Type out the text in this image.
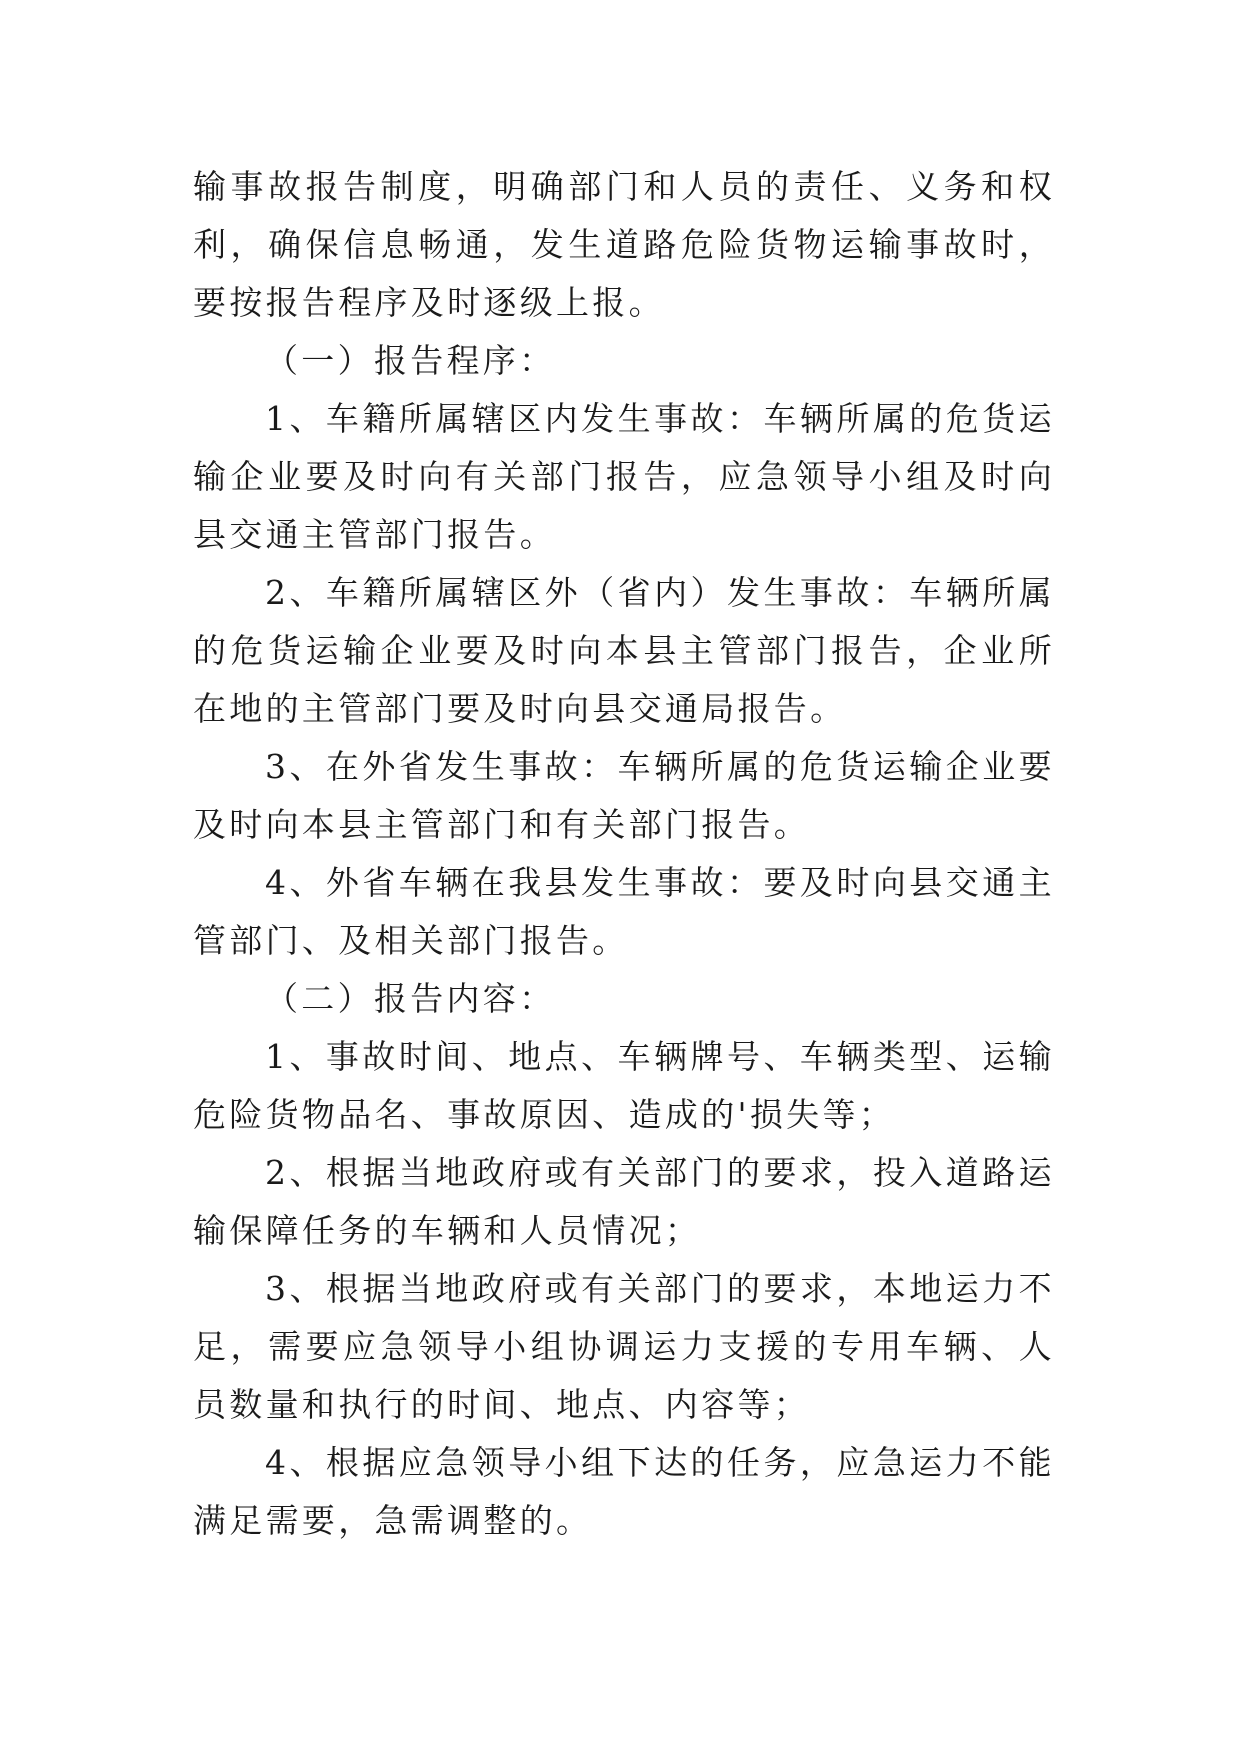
输事故报告制度，明确部门和人员的责任、义务和权利，确保信息畅通，发生道路危险货物运输事故时，要按报告程序及时逐级上报。

（一）报告程序：

1、车籍所属辖区内发生事故：车辆所属的危货运输企业要及时向有关部门报告，应急领导小组及时向县交通主管部门报告。

2、车籍所属辖区外（省内）发生事故：车辆所属的危货运输企业要及时向本县主管部门报告，企业所在地的主管部门要及时向县交通局报告。

3、在外省发生事故：车辆所属的危货运输企业要及时向本县主管部门和有关部门报告。

4、外省车辆在我县发生事故：要及时向县交通主管部门、及相关部门报告。

（二）报告内容：

1、事故时间、地点、车辆牌号、车辆类型、运输危险货物品名、事故原因、造成的'损失等；

2、根据当地政府或有关部门的要求，投入道路运输保障任务的车辆和人员情况；

3、根据当地政府或有关部门的要求，本地运力不足，需要应急领导小组协调运力支援的专用车辆、人员数量和执行的时间、地点、内容等；

4、根据应急领导小组下达的任务，应急运力不能满足需要，急需调整的。
